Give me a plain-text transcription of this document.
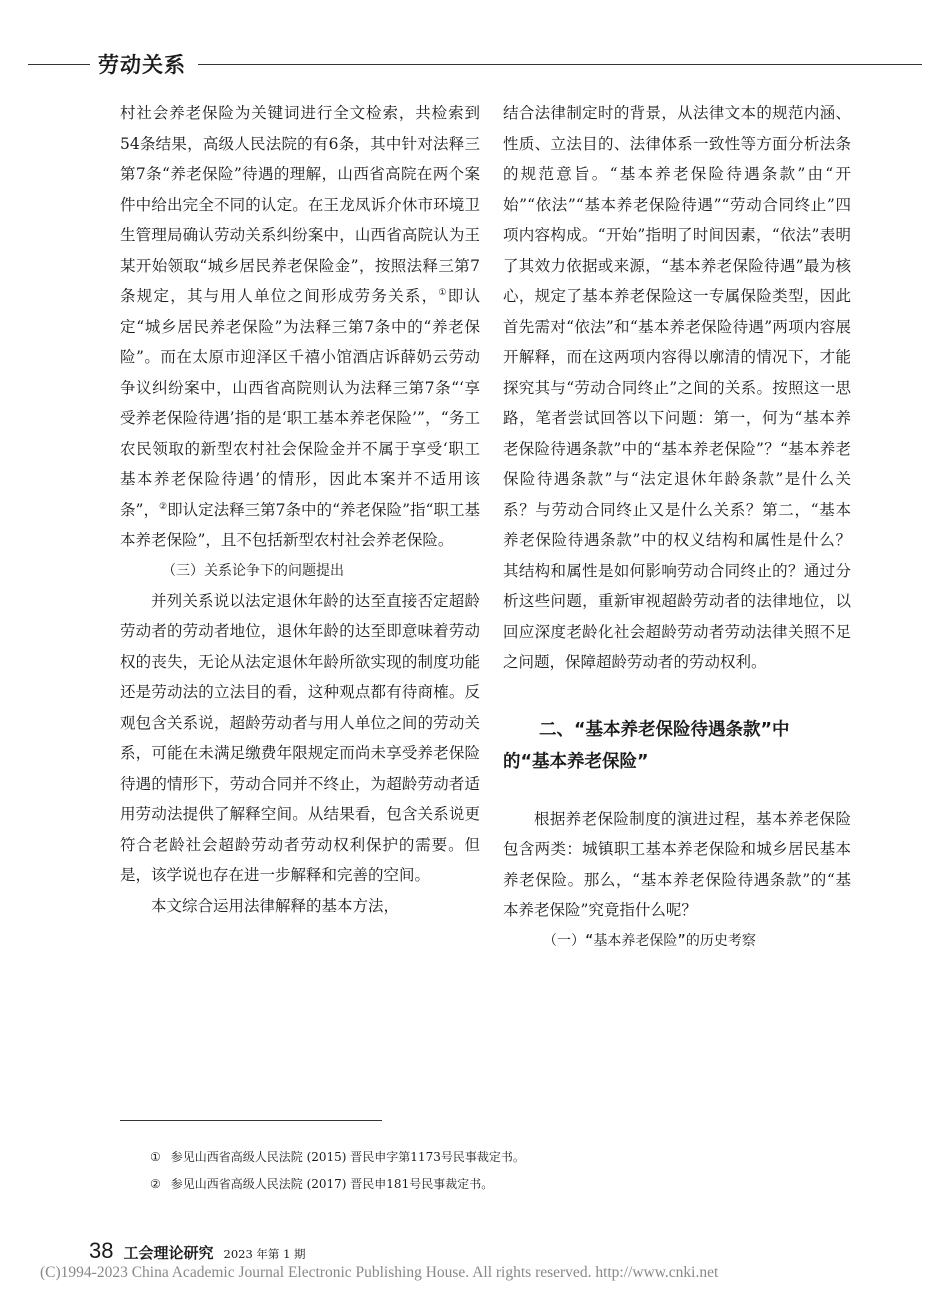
劳动关系

村社会养老保险为关键词进行全文检索，共检索到54条结果，高级人民法院的有6条，其中针对法释三第7条“养老保险”待遇的理解，山西省高院在两个案件中给出完全不同的认定。在王龙凤诉介休市环境卫生管理局确认劳动关系纠纷案中，山西省高院认为王某开始领取“城乡居民养老保险金”，按照法释三第7条规定，其与用人单位之间形成劳务关系，①即认定“城乡居民养老保险”为法释三第7条中的“养老保险”。而在太原市迎泽区千禧小馆酒店诉薛奶云劳动争议纠纷案中，山西省高院则认为法释三第7条“‘享受养老保险待遇’指的是‘职工基本养老保险’”，“务工农民领取的新型农村社会保险金并不属于享受‘职工基本养老保险待遇’的情形，因此本案并不适用该条”，②即认定法释三第7条中的“养老保险”指“职工基本养老保险”，且不包括新型农村社会养老保险。

（三）关系论争下的问题提出

并列关系说以法定退休年龄的达至直接否定超龄劳动者的劳动者地位，退休年龄的达至即意味着劳动权的丧失，无论从法定退休年龄所欲实现的制度功能还是劳动法的立法目的看，这种观点都有待商榷。反观包含关系说，超龄劳动者与用人单位之间的劳动关系，可能在未满足缴费年限规定而尚未享受养老保险待遇的情形下，劳动合同并不终止，为超龄劳动者适用劳动法提供了解释空间。从结果看，包含关系说更符合老龄社会超龄劳动者劳动权利保护的需要。但是，该学说也存在进一步解释和完善的空间。

本文综合运用法律解释的基本方法，

结合法律制定时的背景，从法律文本的规范内涵、性质、立法目的、法律体系一致性等方面分析法条的规范意旨。“基本养老保险待遇条款”由“开始”“依法”“基本养老保险待遇”“劳动合同终止”四项内容构成。“开始”指明了时间因素，“依法”表明了其效力依据或来源，“基本养老保险待遇”最为核心，规定了基本养老保险这一专属保险类型，因此首先需对“依法”和“基本养老保险待遇”两项内容展开解释，而在这两项内容得以廓清的情况下，才能探究其与“劳动合同终止”之间的关系。按照这一思路，笔者尝试回答以下问题：第一，何为“基本养老保险待遇条款”中的“基本养老保险”？“基本养老保险待遇条款”与“法定退休年龄条款”是什么关系？与劳动合同终止又是什么关系？第二，“基本养老保险待遇条款”中的权义结构和属性是什么？其结构和属性是如何影响劳动合同终止的？通过分析这些问题，重新审视超龄劳动者的法律地位，以回应深度老龄化社会超龄劳动者劳动法律关照不足之问题，保障超龄劳动者的劳动权利。

二、“基本养老保险待遇条款”中
的“基本养老保险”

根据养老保险制度的演进过程，基本养老保险包含两类：城镇职工基本养老保险和城乡居民基本养老保险。那么，“基本养老保险待遇条款”的“基本养老保险”究竟指什么呢？

（一）“基本养老保险”的历史考察

① 参见山西省高级人民法院 (2015) 晋民申字第1173号民事裁定书。
② 参见山西省高级人民法院 (2017) 晋民申181号民事裁定书。
38 工会理论研究 2023 年第 1 期
(C)1994-2023 China Academic Journal Electronic Publishing House. All rights reserved. http://www.cnki.net
